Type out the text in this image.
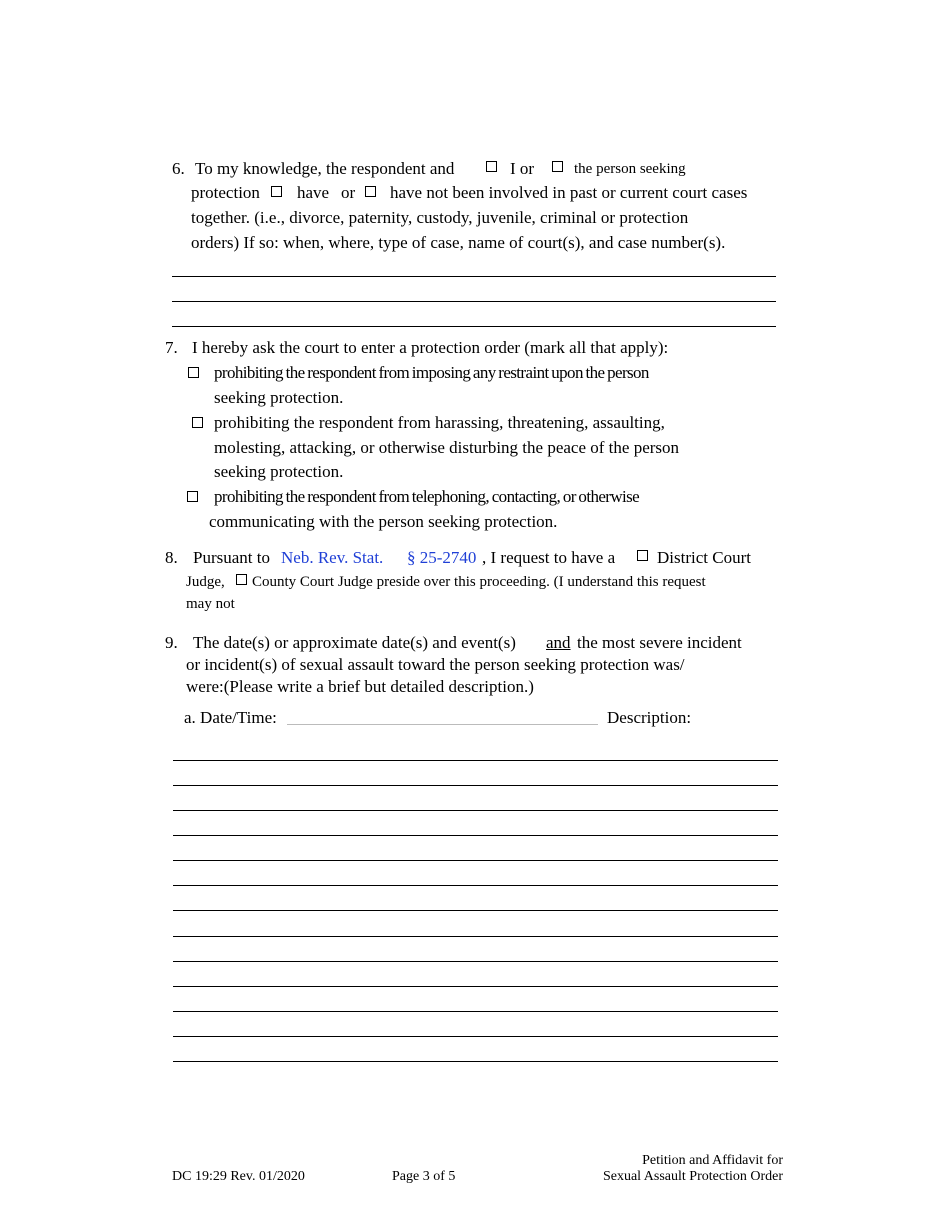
6. To my knowledge, the respondent and	I or	the person seeking
protection have or have not been involved in past or current court cases
together. (i.e., divorce, paternity, custody, juvenile, criminal or protection
orders) If so: when, where, type of case, name of court(s), and case number(s).
7. I hereby ask the court to enter a protection order (mark all that apply):
prohibiting the respondent from imposing any restraint upon the person
seeking protection.
prohibiting the respondent from harassing, threatening, assaulting,
molesting, attacking, or otherwise disturbing the peace of the person
seeking protection.
prohibiting the respondent from telephoning, contacting, or otherwise
communicating with the person seeking protection.
8. Pursuant to Neb. Rev. Stat. § 25-2740 , I request to have a District Court
Judge, County Court Judge preside over this proceeding. (I understand this request
may not
9. The date(s) or approximate date(s) and event(s) and the most severe incident
or incident(s) of sexual assault toward the person seeking protection was/
were:(Please write a brief but detailed description.)
a. Date/Time:	Description:
DC 19:29 Rev. 01/2020	Page 3 of 5
Petition and Affidavit for
Sexual Assault Protection Order
